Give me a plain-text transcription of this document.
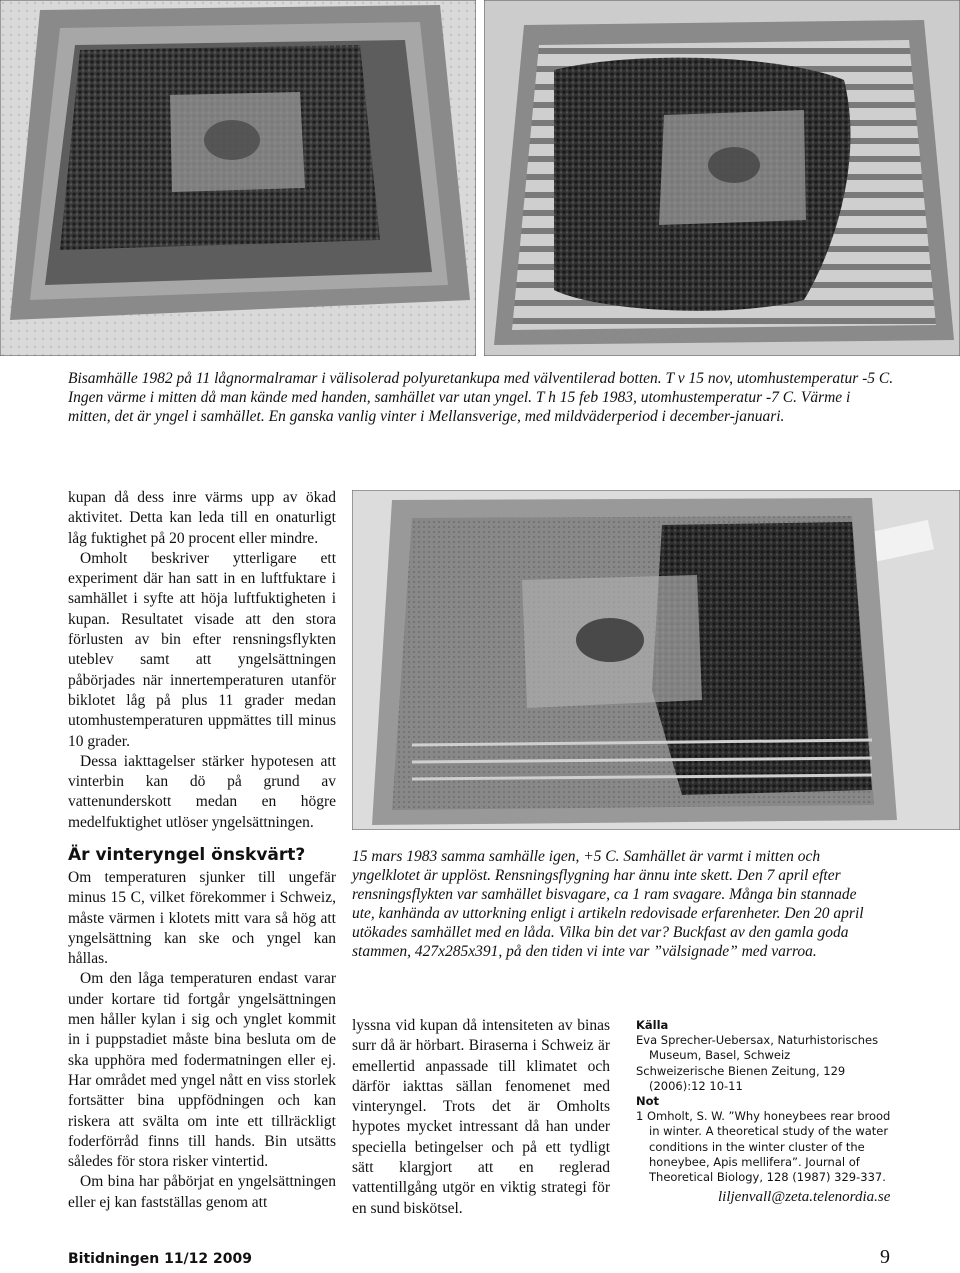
Bisamhälle 1982 på 11 lågnormalramar i välisolerad polyuretankupa med välventilerad botten. T v 15 nov, utomhustemperatur -5 C. Ingen värme i mitten då man kände med handen, samhället var utan yngel. T h 15 feb 1983, utomhustemperatur -7 C. Värme i mitten, det är yngel i samhället. En ganska vanlig vinter i Mellansverige, med mildväderperiod i december-januari.

kupan då dess inre värms upp av ökad aktivitet. Detta kan leda till en onaturligt låg fuktighet på 20 procent eller mindre.

Omholt beskriver ytterligare ett experiment där han satt in en luftfuktare i samhället i syfte att höja luftfuktigheten i kupan. Resultatet visade att den stora förlusten av bin efter rensningsflykten uteblev samt att yngelsättningen påbörjades när innertemperaturen utanför biklotet låg på plus 11 grader medan utomhustemperaturen uppmättes till minus 10 grader.

Dessa iakttagelser stärker hypotesen att vinterbin kan dö på grund av vattenunderskott medan en högre medelfuktighet utlöser yngelsättningen.

Är vinteryngel önskvärt?

Om temperaturen sjunker till ungefär minus 15 C, vilket förekommer i Schweiz, måste värmen i klotets mitt vara så hög att yngelsättning kan ske och yngel kan hållas.

Om den låga temperaturen endast varar under kortare tid fortgår yngelsättningen men håller kylan i sig och ynglet kommit in i puppstadiet måste bina besluta om de ska upphöra med fodermatningen eller ej. Har området med yngel nått en viss storlek fortsätter bina uppfödningen och kan riskera att svälta om inte ett tillräckligt foderförråd finns till hands. Bin utsätts således för stora risker vintertid.

Om bina har påbörjat en yngelsättningen eller ej kan fastställas genom att

15 mars 1983 samma samhälle igen, +5 C. Samhället är varmt i mitten och yngelklotet är upplöst. Rensningsflygning har ännu inte skett. Den 7 april efter rensningsflykten var samhället bisvagare, ca 1 ram svagare. Många bin stannade ute, kanhända av uttorkning enligt i artikeln redovisade erfarenheter. Den 20 april utökades samhället med en låda. Vilka bin det var? Buckfast av den gamla goda stammen, 427x285x391, på den tiden vi inte var ”välsignade” med varroa.

lyssna vid kupan då intensiteten av binas surr då är hörbart. Biraserna i Schweiz är emellertid anpassade till klimatet och därför iakttas sällan fenomenet med vinteryngel. Trots det är Omholts hypotes mycket intressant då han under speciella betingelser och på ett tydligt sätt klargjort att en reglerad vattentillgång utgör en viktig strategi för en sund biskötsel.

Källa
Eva Sprecher-Uebersax, Naturhistorisches Museum, Basel, Schweiz
Schweizerische Bienen Zeitung, 129 (2006):12 10-11
Not
1 Omholt, S. W. ”Why honeybees rear brood in winter. A theoretical study of the water conditions in the winter cluster of the honeybee, Apis mellifera”. Journal of Theoretical Biology, 128 (1987) 329-337.
liljenvall@zeta.telenordia.se
Bitidningen 11/12 2009	9
